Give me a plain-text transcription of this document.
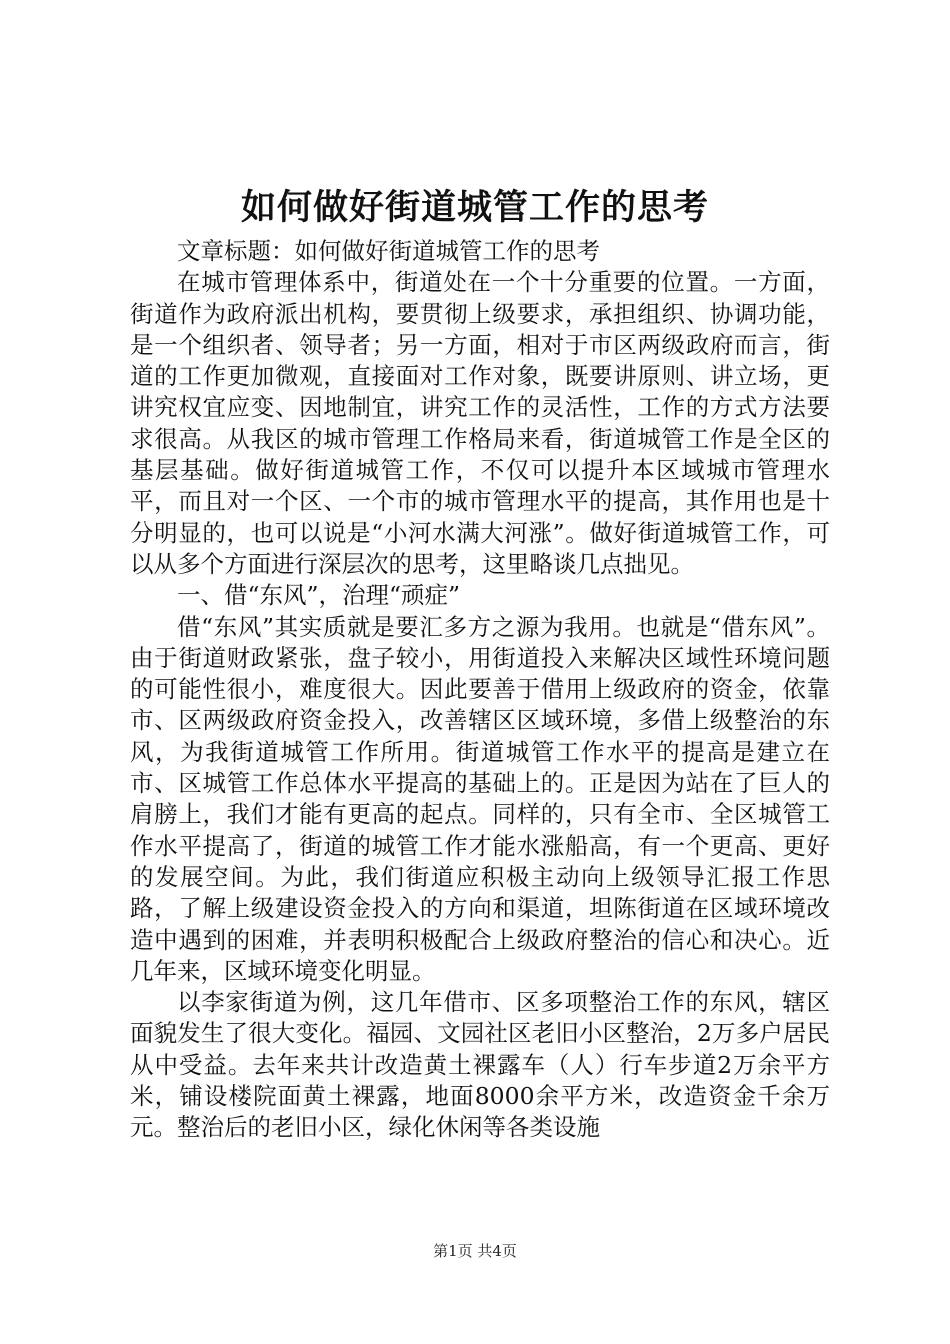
如何做好街道城管工作的思考

文章标题：如何做好街道城管工作的思考

在城市管理体系中，街道处在一个十分重要的位置。一方面，街道作为政府派出机构，要贯彻上级要求，承担组织、协调功能，是一个组织者、领导者；另一方面，相对于市区两级政府而言，街道的工作更加微观，直接面对工作对象，既要讲原则、讲立场，更讲究权宜应变、因地制宜，讲究工作的灵活性，工作的方式方法要求很高。从我区的城市管理工作格局来看，街道城管工作是全区的基层基础。做好街道城管工作，不仅可以提升本区域城市管理水平，而且对一个区、一个市的城市管理水平的提高，其作用也是十分明显的，也可以说是“小河水满大河涨”。做好街道城管工作，可以从多个方面进行深层次的思考，这里略谈几点拙见。

一、借“东风”，治理“顽症”

借“东风”其实质就是要汇多方之源为我用。也就是“借东风”。由于街道财政紧张，盘子较小，用街道投入来解决区域性环境问题的可能性很小，难度很大。因此要善于借用上级政府的资金，依靠市、区两级政府资金投入，改善辖区区域环境，多借上级整治的东风，为我街道城管工作所用。街道城管工作水平的提高是建立在市、区城管工作总体水平提高的基础上的。正是因为站在了巨人的肩膀上，我们才能有更高的起点。同样的，只有全市、全区城管工作水平提高了，街道的城管工作才能水涨船高，有一个更高、更好的发展空间。为此，我们街道应积极主动向上级领导汇报工作思路，了解上级建设资金投入的方向和渠道，坦陈街道在区域环境改造中遇到的困难，并表明积极配合上级政府整治的信心和决心。近几年来，区域环境变化明显。

以李家街道为例，这几年借市、区多项整治工作的东风，辖区面貌发生了很大变化。福园、文园社区老旧小区整治，2万多户居民从中受益。去年来共计改造黄土裸露车（人）行车步道2万余平方米，铺设楼院面黄土裸露，地面8000余平方米，改造资金千余万元。整治后的老旧小区，绿化休闲等各类设施

第1页 共4页
